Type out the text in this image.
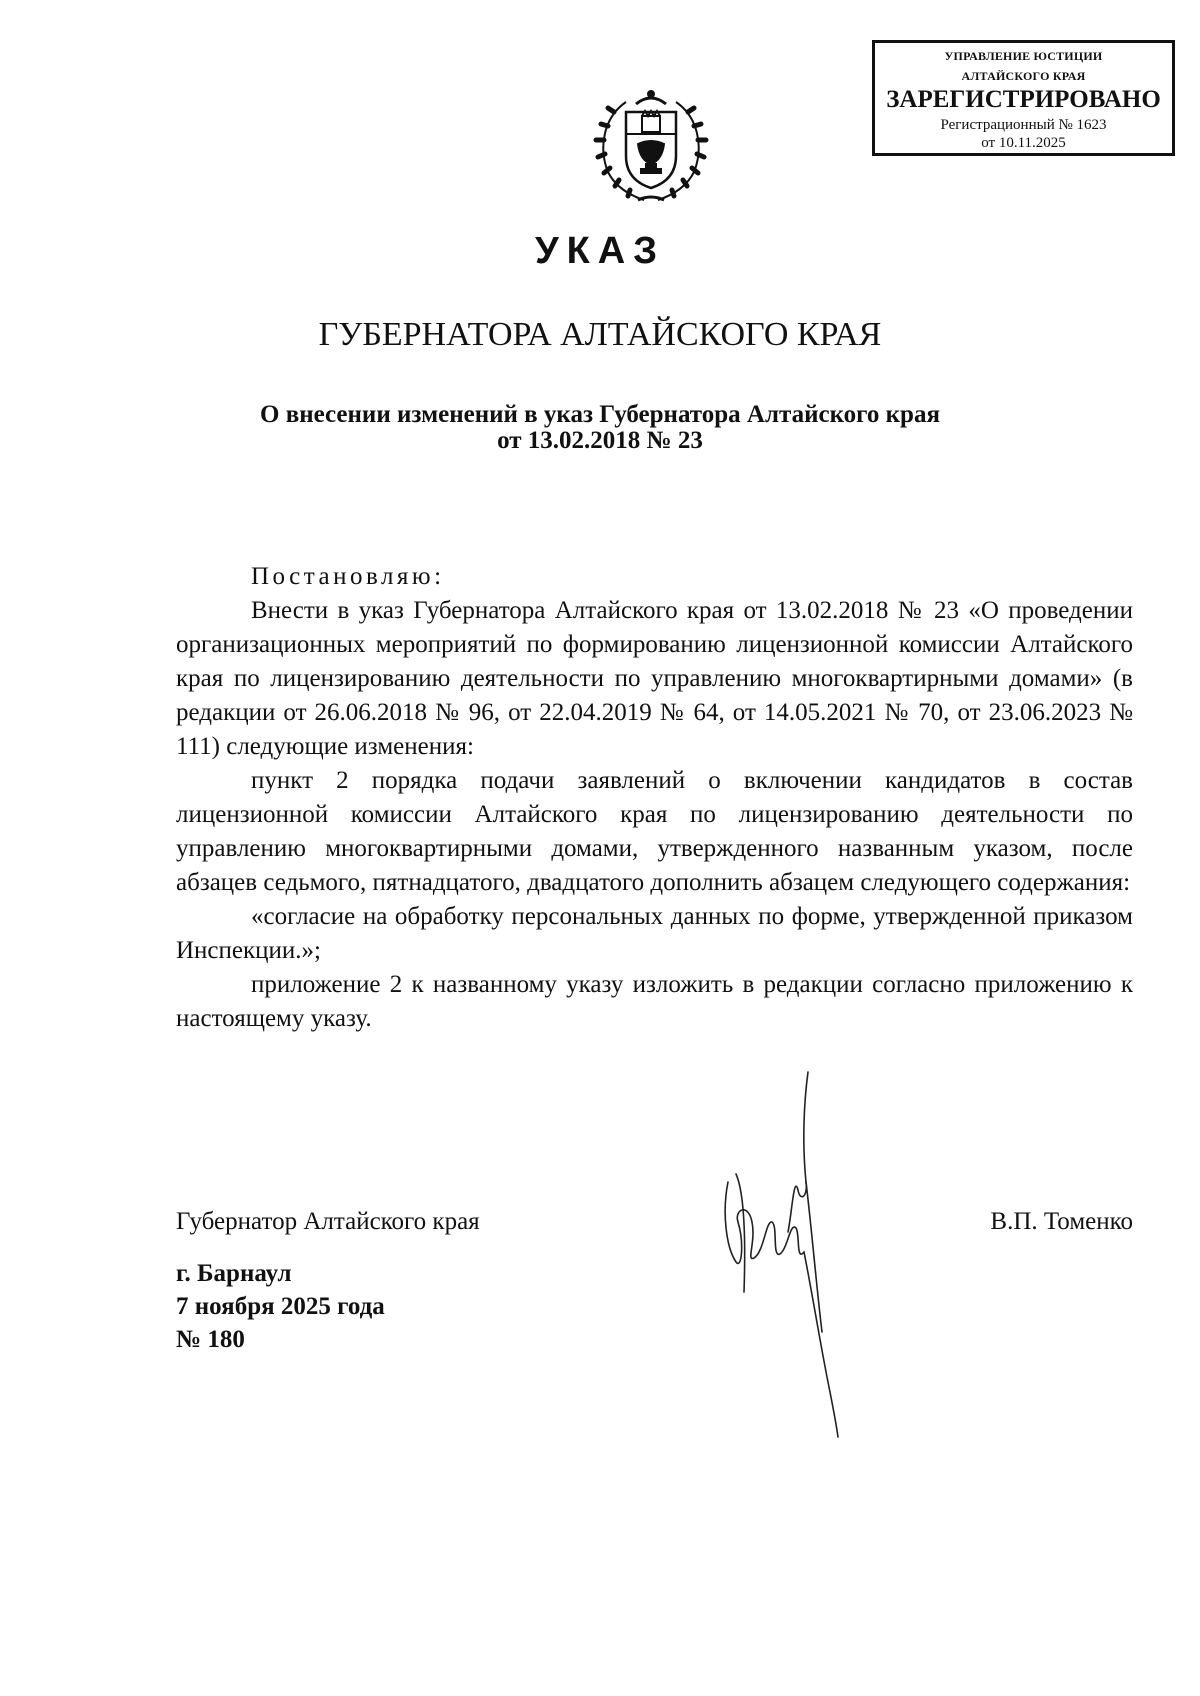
УПРАВЛЕНИЕ ЮСТИЦИИ
АЛТАЙСКОГО КРАЯ
ЗАРЕГИСТРИРОВАНО
Регистрационный № 1623
от 10.11.2025
УКАЗ
ГУБЕРНАТОРА АЛТАЙСКОГО КРАЯ
О внесении изменений в указ Губернатора Алтайского края
от 13.02.2018 № 23

Постановляю:

Внести в указ Губернатора Алтайского края от 13.02.2018 № 23 «О проведении организационных мероприятий по формированию лицензионной комиссии Алтайского края по лицензированию деятельности по управлению многоквартирными домами» (в редакции от 26.06.2018 № 96, от 22.04.2019 № 64, от 14.05.2021 № 70, от 23.06.2023 № 111) следующие изменения:

пункт 2 порядка подачи заявлений о включении кандидатов в состав лицензионной комиссии Алтайского края по лицензированию деятельности по управлению многоквартирными домами, утвержденного названным указом, после абзацев седьмого, пятнадцатого, двадцатого дополнить абзацем следующего содержания:

«согласие на обработку персональных данных по форме, утвержденной приказом Инспекции.»;

приложение 2 к названному указу изложить в редакции согласно приложению к настоящему указу.

Губернатор Алтайского края	В.П. Томенко
г. Барнаул
7 ноября 2025 года
№ 180
